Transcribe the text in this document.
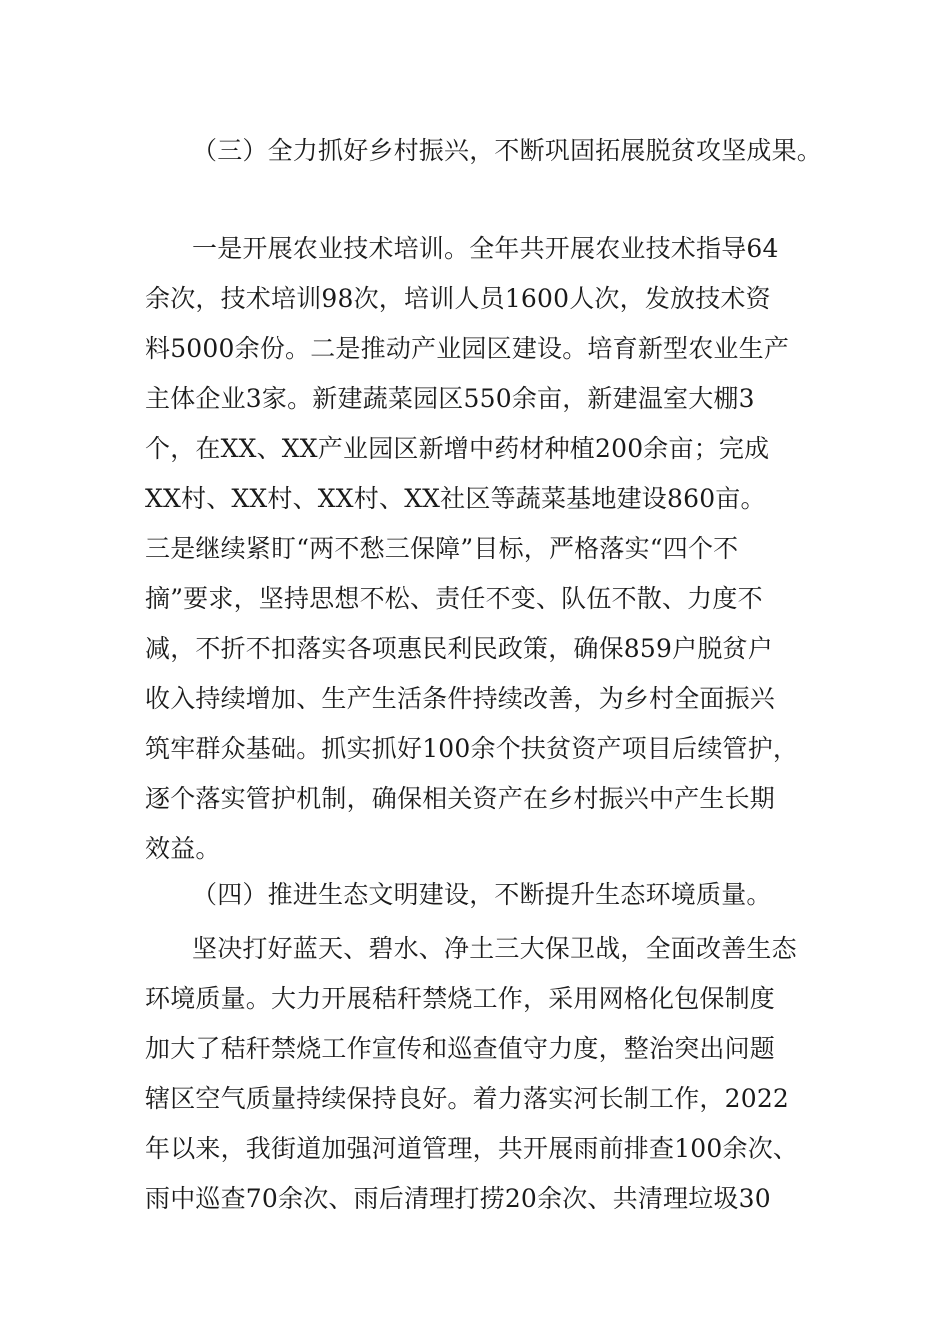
（三）全力抓好乡村振兴，不断巩固拓展脱贫攻坚成果。
一是开展农业技术培训。全年共开展农业技术指导64
余次，技术培训98次，培训人员1600人次，发放技术资
料5000余份。二是推动产业园区建设。培育新型农业生产
主体企业3家。新建蔬菜园区550余亩，新建温室大棚3
个，在XX、XX产业园区新增中药材种植200余亩；完成
XX村、XX村、XX村、XX社区等蔬菜基地建设860亩。
三是继续紧盯“两不愁三保障”目标，严格落实“四个不
摘”要求，坚持思想不松、责任不变、队伍不散、力度不
减，不折不扣落实各项惠民利民政策，确保859户脱贫户
收入持续增加、生产生活条件持续改善，为乡村全面振兴
筑牢群众基础。抓实抓好100余个扶贫资产项目后续管护，
逐个落实管护机制，确保相关资产在乡村振兴中产生长期
效益。
（四）推进生态文明建设，不断提升生态环境质量。
坚决打好蓝天、碧水、净土三大保卫战，全面改善生态
环境质量。大力开展秸秆禁烧工作，采用网格化包保制度
加大了秸秆禁烧工作宣传和巡查值守力度，整治突出问题
辖区空气质量持续保持良好。着力落实河长制工作，2022
年以来，我街道加强河道管理，共开展雨前排查100余次、
雨中巡查70余次、雨后清理打捞20余次、共清理垃圾30
